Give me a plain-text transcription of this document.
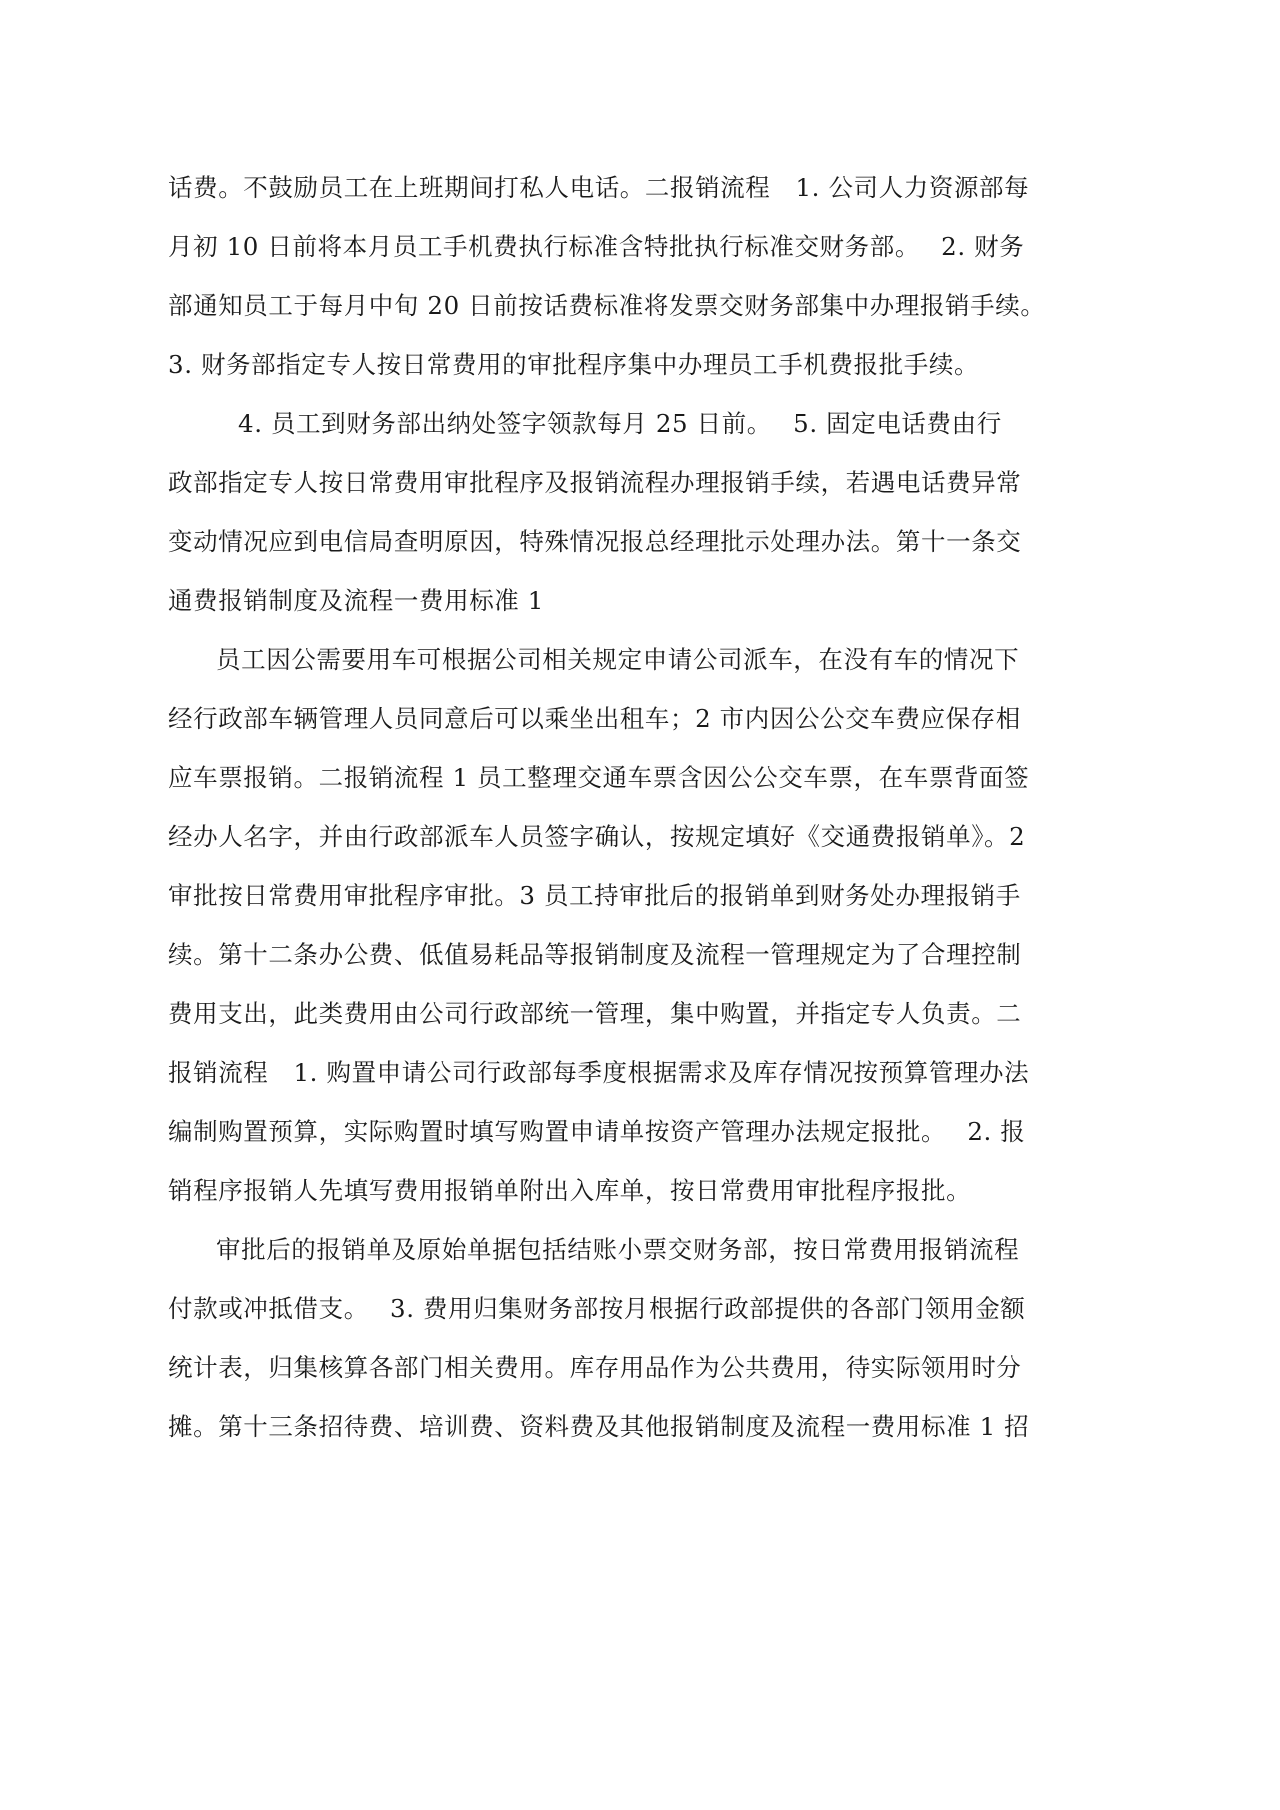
话费。不鼓励员工在上班期间打私人电话。二报销流程　1. 公司人力资源部每
月初 10 日前将本月员工手机费执行标准含特批执行标准交财务部。　 2. 财务
部通知员工于每月中旬 20 日前按话费标准将发票交财务部集中办理报销手续。
3. 财务部指定专人按日常费用的审批程序集中办理员工手机费报批手续。
4. 员工到财务部出纳处签字领款每月 25 日前。　 5. 固定电话费由行
政部指定专人按日常费用审批程序及报销流程办理报销手续，若遇电话费异常
变动情况应到电信局查明原因，特殊情况报总经理批示处理办法。第十一条交
通费报销制度及流程一费用标准 1
员工因公需要用车可根据公司相关规定申请公司派车，在没有车的情况下
经行政部车辆管理人员同意后可以乘坐出租车；2 市内因公公交车费应保存相
应车票报销。二报销流程 1 员工整理交通车票含因公公交车票，在车票背面签
经办人名字，并由行政部派车人员签字确认，按规定填好《交通费报销单》。2
审批按日常费用审批程序审批。3 员工持审批后的报销单到财务处办理报销手
续。第十二条办公费、低值易耗品等报销制度及流程一管理规定为了合理控制
费用支出，此类费用由公司行政部统一管理，集中购置，并指定专人负责。二
报销流程　1. 购置申请公司行政部每季度根据需求及库存情况按预算管理办法
编制购置预算，实际购置时填写购置申请单按资产管理办法规定报批。　 2. 报
销程序报销人先填写费用报销单附出入库单，按日常费用审批程序报批。
审批后的报销单及原始单据包括结账小票交财务部，按日常费用报销流程
付款或冲抵借支。　 3. 费用归集财务部按月根据行政部提供的各部门领用金额
统计表，归集核算各部门相关费用。库存用品作为公共费用，待实际领用时分
摊。第十三条招待费、培训费、资料费及其他报销制度及流程一费用标准 1 招
